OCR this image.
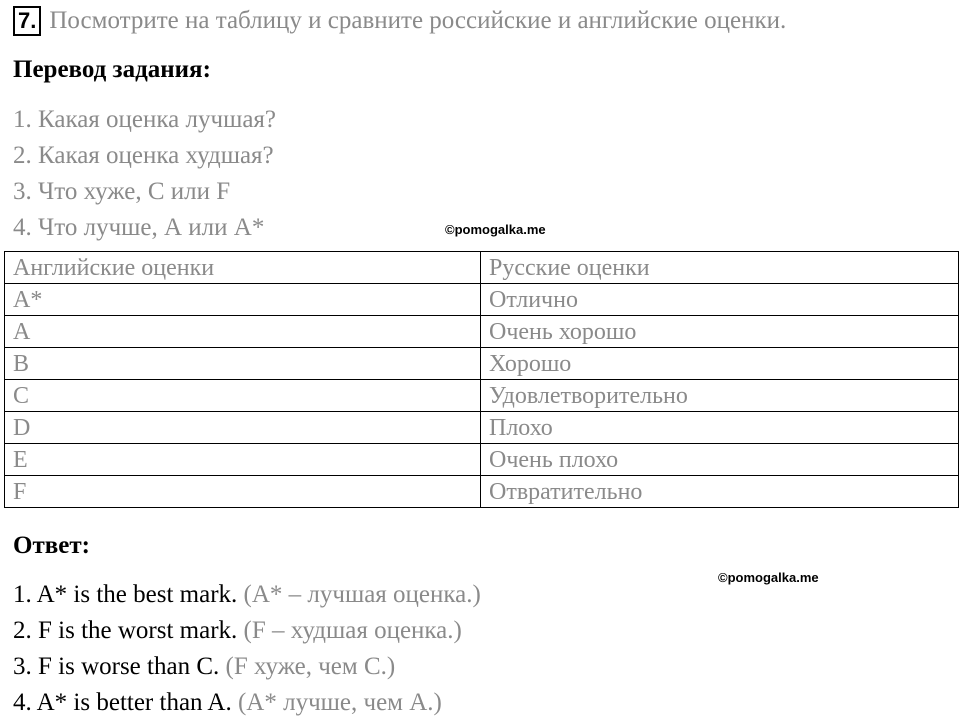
7. Посмотрите на таблицу и сравните российские и английские оценки.
Перевод задания:
1. Какая оценка лучшая?
2. Какая оценка худшая?
3. Что хуже, С или F
4. Что лучше, А или А*	©pomogalka.me
Английские оценки	Русские оценки
А*	Отлично
А	Очень хорошо
В	Хорошо
С	Удовлетворительно
D	Плохо
Е	Очень плохо
F	Отвратительно
Ответ:
©pomogalka.me
1. A* is the best mark. (А* – лучшая оценка.)
2. F is the worst mark. (F – худшая оценка.)
3. F is worse than C. (F хуже, чем С.)
4. A* is better than A. (А* лучше, чем А.)
